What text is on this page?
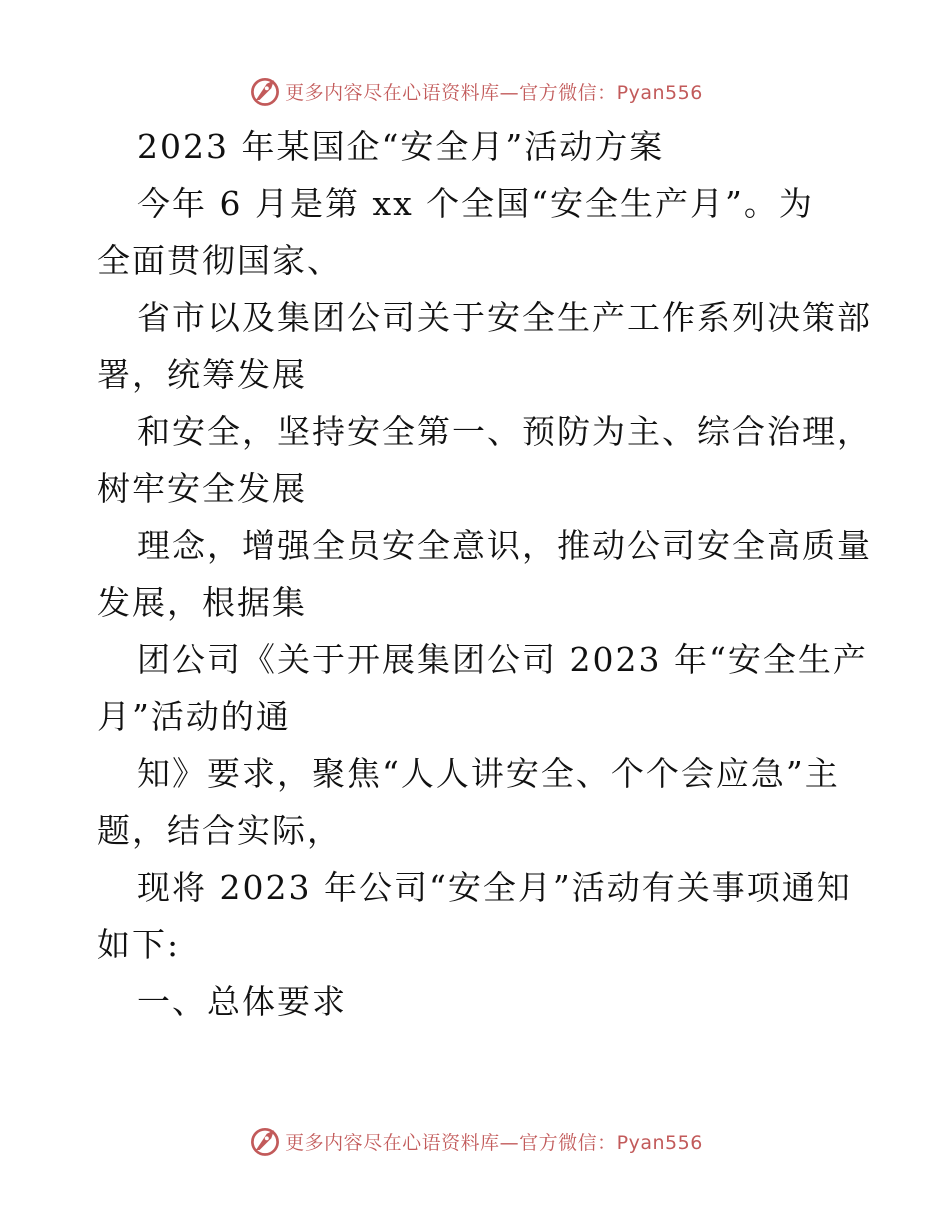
更多内容尽在心语资料库—官方微信：Pyan556
2023 年某国企“安全月”活动方案
今年 6 月是第 xx 个全国“安全生产月”。为
全面贯彻国家、
省市以及集团公司关于安全生产工作系列决策部
署，统筹发展
和安全，坚持安全第一、预防为主、综合治理，
树牢安全发展
理念，增强全员安全意识，推动公司安全高质量
发展，根据集
团公司《关于开展集团公司 2023 年“安全生产
月”活动的通
知》要求，聚焦“人人讲安全、个个会应急”主
题，结合实际，
现将 2023 年公司“安全月”活动有关事项通知
如下:
一、总体要求
更多内容尽在心语资料库—官方微信：Pyan556
